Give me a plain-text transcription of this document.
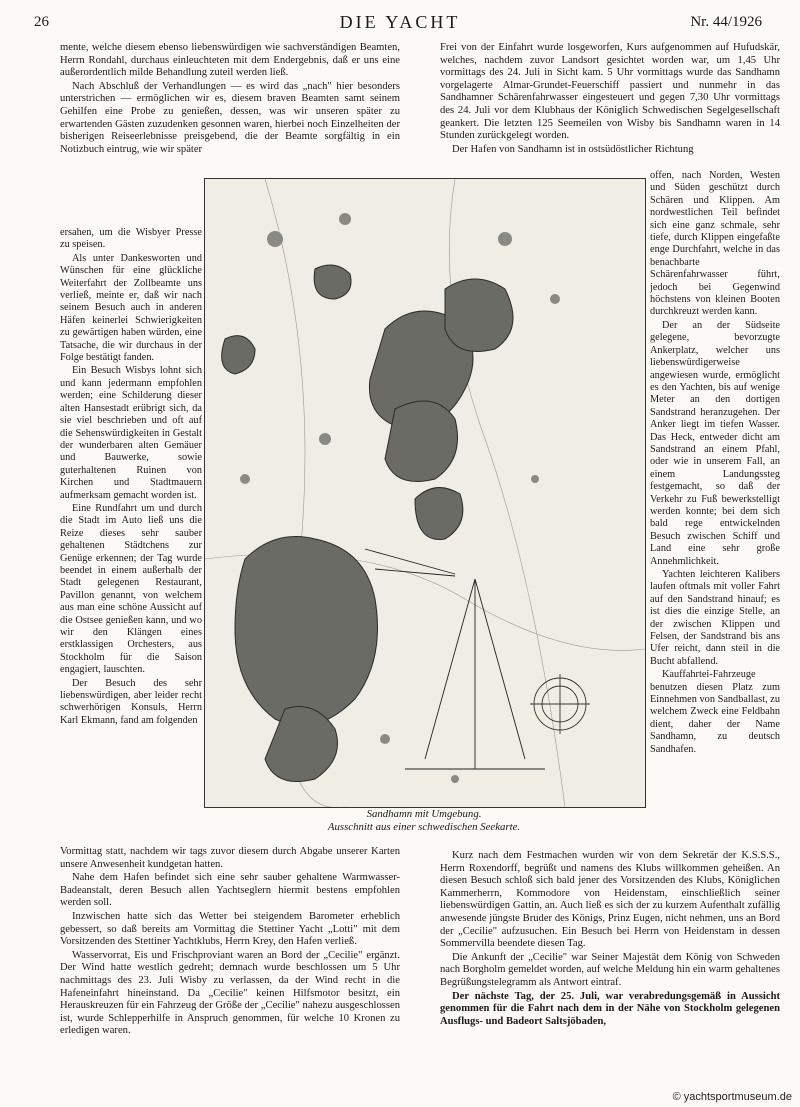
26	DIE YACHT	Nr. 44/1926

mente, welche diesem ebenso liebenswürdigen wie sachverständigen Beamten, Herrn Rondahl, durchaus einleuchteten mit dem Endergebnis, daß er uns eine außerordentlich milde Behandlung zuteil werden ließ.

Nach Abschluß der Verhandlungen — es wird das „nach" hier besonders unterstrichen — ermöglichen wir es, diesem braven Beamten samt seinem Gehilfen eine Probe zu genießen, dessen, was wir unseren später zu erwartenden Gästen zuzudenken gesonnen waren, hierbei noch Einzelheiten der bisherigen Reiseerlebnisse preisgebend, die der Beamte sorgfältig in ein Notizbuch eintrug, wie wir später

ersahen, um die Wisbyer Presse zu speisen.

Als unter Dankesworten und Wünschen für eine glückliche Weiterfahrt der Zollbeamte uns verließ, meinte er, daß wir nach seinem Besuch auch in anderen Häfen keinerlei Schwierigkeiten zu gewärtigen haben würden, eine Tatsache, die wir durchaus in der Folge bestätigt fanden.

Ein Besuch Wisbys lohnt sich und kann jedermann empfohlen werden; eine Schilderung dieser alten Hansestadt erübrigt sich, da sie viel beschrieben und oft auf die Sehenswürdigkeiten in Gestalt der wunderbaren alten Gemäuer und Bauwerke, sowie guterhaltenen Ruinen von Kirchen und Stadtmauern aufmerksam gemacht worden ist.

Eine Rundfahrt um und durch die Stadt im Auto ließ uns die Reize dieses sehr sauber gehaltenen Städtchens zur Genüge erkennen; der Tag wurde beendet in einem außerhalb der Stadt gelegenen Restaurant, Pavillon genannt, von welchem aus man eine schöne Aussicht auf die Ostsee genießen kann, und wo wir den Klängen eines erstklassigen Orchesters, aus Stockholm für die Saison engagiert, lauschten.

Der Besuch des sehr liebenswürdigen, aber leider recht schwerhörigen Konsuls, Herrn Karl Ekmann, fand am folgenden

Vormittag statt, nachdem wir tags zuvor diesem durch Abgabe unserer Karten unsere Anwesenheit kundgetan hatten.

Nahe dem Hafen befindet sich eine sehr sauber gehaltene Warmwasser-Badeanstalt, deren Besuch allen Yachtseglern hiermit bestens empfohlen werden soll.

Inzwischen hatte sich das Wetter bei steigendem Barometer erheblich gebessert, so daß bereits am Vormittag die Stettiner Yacht „Lotti" mit dem Vorsitzenden des Stettiner Yachtklubs, Herrn Krey, den Hafen verließ.

Wasservorrat, Eis und Frischproviant waren an Bord der „Cecilie" ergänzt. Der Wind hatte westlich gedreht; demnach wurde beschlossen um 5 Uhr nachmittags des 23. Juli Wisby zu verlassen, da der Wind recht in die Hafeneinfahrt hineinstand. Da „Cecilie" keinen Hilfsmotor besitzt, ein Herauskreuzen für ein Fahrzeug der Größe der „Cecilie" nahezu ausgeschlossen ist, wurde Schlepperhilfe in Anspruch genommen, für welche 10 Kronen zu erledigen waren.

Frei von der Einfahrt wurde losgeworfen, Kurs aufgenommen auf Hufudskär, welches, nachdem zuvor Landsort gesichtet worden war, um 1,45 Uhr vormittags des 24. Juli in Sicht kam. 5 Uhr vormittags wurde das Sandhamn vorgelagerte Almar-Grundet-Feuerschiff passiert und nunmehr in das Sandhamner Schärenfahrwasser eingesteuert und gegen 7,30 Uhr vormittags des 24. Juli vor dem Klubhaus der Königlich Schwedischen Segelgesellschaft geankert. Die letzten 125 Seemeilen von Wisby bis Sandhamn waren in 14 Stunden zurückgelegt worden.

Der Hafen von Sandhamn ist in ostsüdöstlicher Richtung

offen, nach Norden, Westen und Süden geschützt durch Schären und Klippen. Am nordwestlichen Teil befindet sich eine ganz schmale, sehr tiefe, durch Klippen eingefaßte enge Durchfahrt, welche in das benachbarte Schärenfahrwasser führt, jedoch bei Gegenwind höchstens von kleinen Booten durchkreuzt werden kann.

Der an der Südseite gelegene, bevorzugte Ankerplatz, welcher uns liebenswürdigerweise angewiesen wurde, ermöglicht es den Yachten, bis auf wenige Meter an den dortigen Sandstrand heranzugehen. Der Anker liegt im tiefen Wasser. Das Heck, entweder dicht am Sandstrand an einem Pfahl, oder wie in unserem Fall, an einem Landungssteg festgemacht, so daß der Verkehr zu Fuß bewerkstelligt werden konnte; bei dem sich bald rege entwickelnden Besuch zwischen Schiff und Land eine sehr große Annehmlichkeit.

Yachten leichteren Kalibers laufen oftmals mit voller Fahrt auf den Sandstrand hinauf; es ist dies die einzige Stelle, an der zwischen Klippen und Felsen, der Sandstrand bis ans Ufer reicht, dann steil in die Bucht abfallend.

Kauffahrtei-Fahrzeuge benutzen diesen Platz zum Einnehmen von Sandballast, zu welchem Zweck eine Feldbahn dient, daher der Name Sandhamn, zu deutsch Sandhafen.

Kurz nach dem Festmachen wurden wir von dem Sekretär der K.S.S.S., Herrn Roxendorff, begrüßt und namens des Klubs willkommen geheißen. An diesen Besuch schloß sich bald jener des Vorsitzenden des Klubs, Königlichen Kammerherrn, Kommodore von Heidenstam, einschließlich seiner liebenswürdigen Gattin, an. Auch ließ es sich der zu kurzem Aufenthalt zufällig anwesende jüngste Bruder des Königs, Prinz Eugen, nicht nehmen, uns an Bord der „Cecilie" aufzusuchen. Ein Besuch bei Herrn von Heidenstam in dessen Sommervilla beendete diesen Tag.

Die Ankunft der „Cecilie" war Seiner Majestät dem König von Schweden nach Borgholm gemeldet worden, auf welche Meldung hin ein warm gehaltenes Begrüßungstelegramm als Antwort eintraf.

Der nächste Tag, der 25. Juli, war verabredungsgemäß in Aussicht genommen für die Fahrt nach dem in der Nähe von Stockholm gelegenen Ausflugs- und Badeort Saltsjöbaden,

Sandhamn mit Umgebung.
Ausschnitt aus einer schwedischen Seekarte.
© yachtsportmuseum.de
